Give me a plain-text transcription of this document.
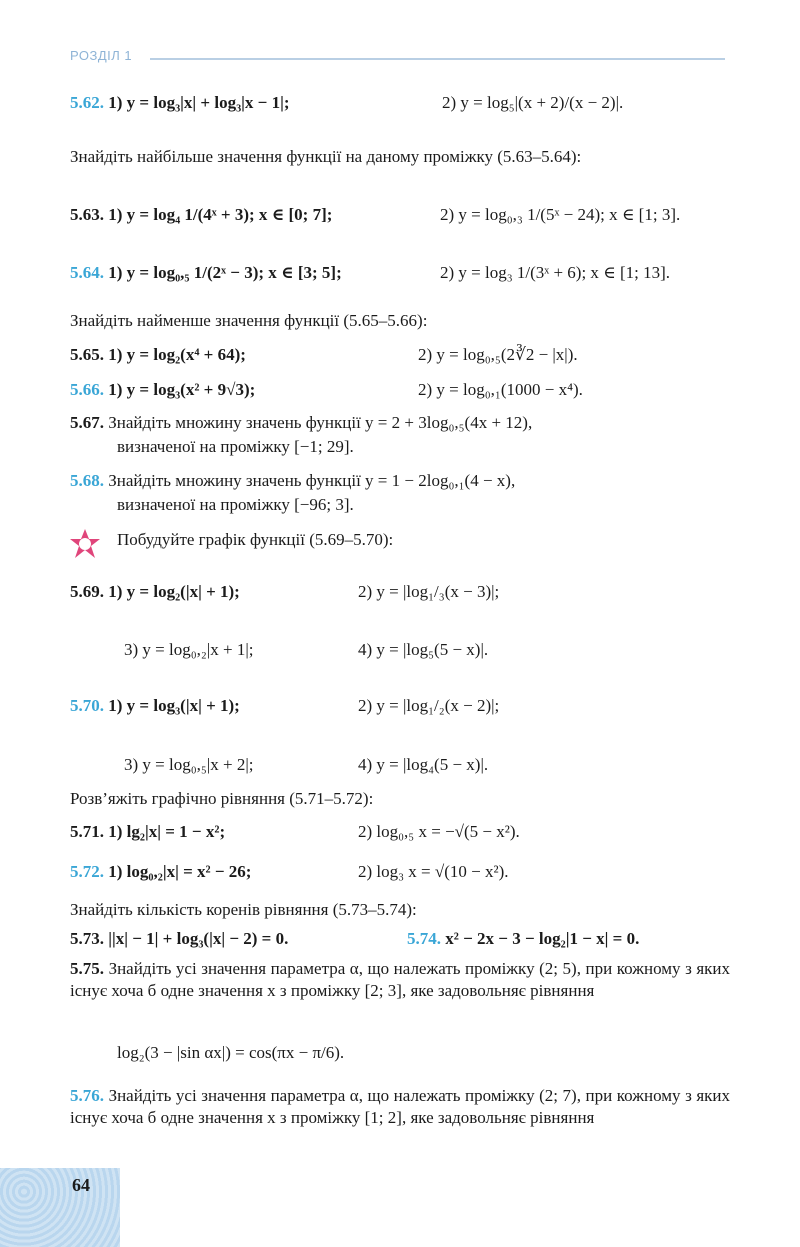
РОЗДІЛ 1
5.62. 1) y = log₃|x| + log₃|x − 1|;	2) y = log₅|(x + 2)/(x − 2)|.
Знайдіть найбільше значення функції на даному проміжку (5.63–5.64):
5.63. 1) y = log₄ 1/(4ˣ + 3); x ∈ [0; 7];	2) y = log₀,₃ 1/(5ˣ − 24); x ∈ [1; 3].
5.64. 1) y = log₀,₅ 1/(2ˣ − 3); x ∈ [3; 5];	2) y = log₃ 1/(3ˣ + 6); x ∈ [1; 13].
Знайдіть найменше значення функції (5.65–5.66):
5.65. 1) y = log₂(x⁴ + 64);	2) y = log₀,₅(2∛2 − |x|).
5.66. 1) y = log₃(x² + 9√3);	2) y = log₀,₁(1000 − x⁴).
5.67. Знайдіть множину значень функції y = 2 + 3log₀,₅(4x + 12),
визначеної на проміжку [−1; 29].
5.68. Знайдіть множину значень функції y = 1 − 2log₀,₁(4 − x),
визначеної на проміжку [−96; 3].
Побудуйте графік функції (5.69–5.70):
5.69. 1) y = log₂(|x| + 1);	2) y = |log₁/₃(x − 3)|;
3) y = log₀,₂|x + 1|;	4) y = |log₅(5 − x)|.
5.70. 1) y = log₃(|x| + 1);	2) y = |log₁/₂(x − 2)|;
3) y = log₀,₅|x + 2|;	4) y = |log₄(5 − x)|.
Розв’яжіть графічно рівняння (5.71–5.72):
5.71. 1) lg₂|x| = 1 − x²;	2) log₀,₅ x = −√(5 − x²).
5.72. 1) log₀,₂|x| = x² − 26;	2) log₃ x = √(10 − x²).
Знайдіть кількість коренів рівняння (5.73–5.74):
5.73. ||x| − 1| + log₃(|x| − 2) = 0.	5.74. x² − 2x − 3 − log₂|1 − x| = 0.
5.75. Знайдіть усі значення параметра α, що належать проміжку (2; 5), при кожному з яких існує хоча б одне значення x з проміжку [2; 3], яке задовольняє рівняння
log₂(3 − |sin αx|) = cos(πx − π/6).
5.76. Знайдіть усі значення параметра α, що належать проміжку (2; 7), при кожному з яких існує хоча б одне значення x з проміжку [1; 2], яке задовольняє рівняння
64
